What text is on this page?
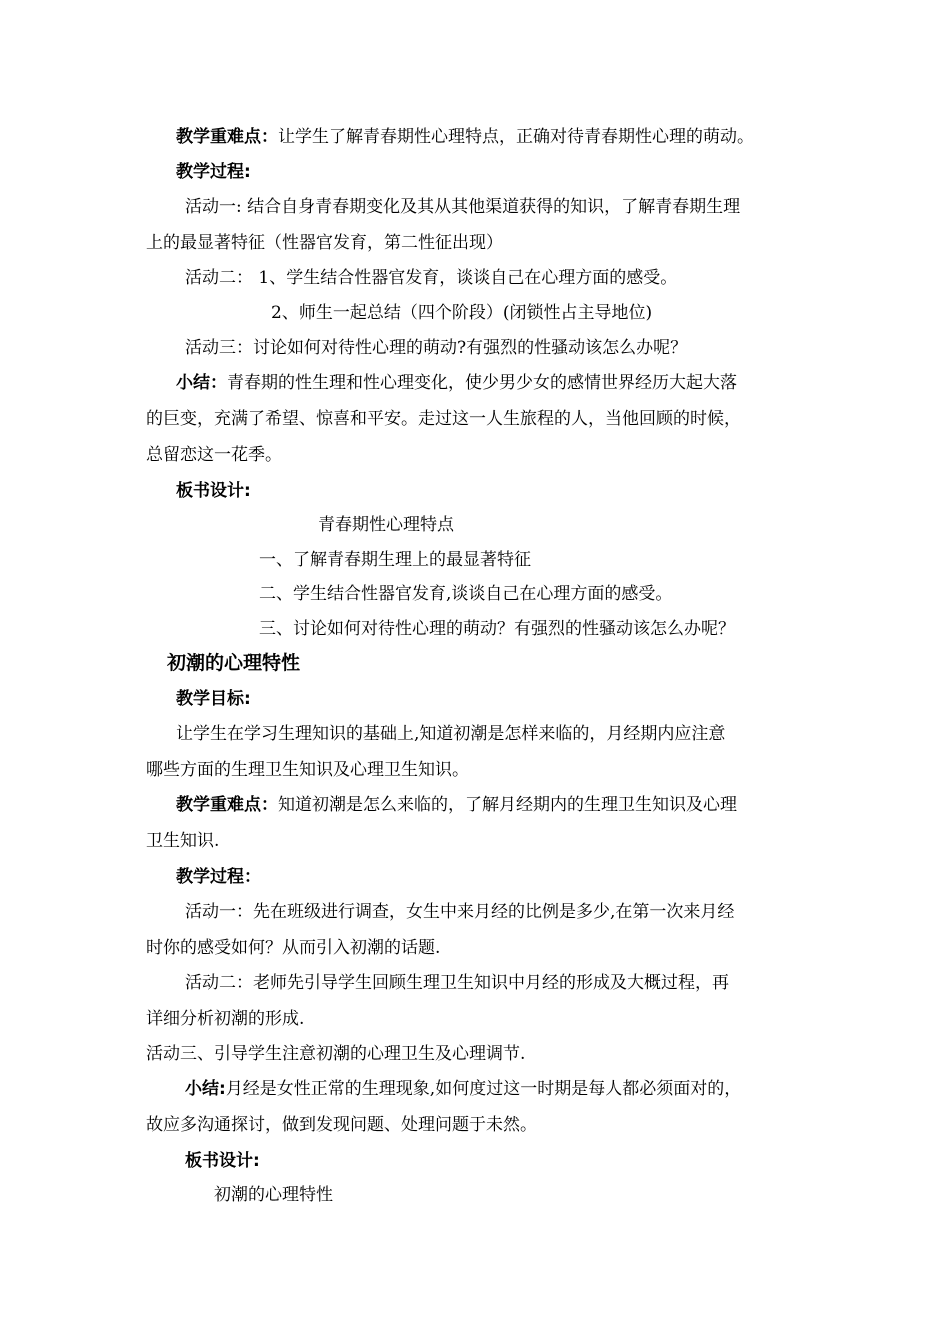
教学重难点：让学生了解青春期性心理特点，正确对待青春期性心理的萌动。
教学过程:
活动一: 结合自身青春期变化及其从其他渠道获得的知识，了解青春期生理
上的最显著特征（性器官发育，第二性征出现）
活动二： 1、学生结合性器官发育，谈谈自己在心理方面的感受。
2、师生一起总结（四个阶段）(闭锁性占主导地位)
活动三：讨论如何对待性心理的萌动?有强烈的性骚动该怎么办呢？
小结：青春期的性生理和性心理变化，使少男少女的感情世界经历大起大落
的巨变，充满了希望、惊喜和平安。走过这一人生旅程的人，当他回顾的时候，
总留恋这一花季。
板书设计:
青春期性心理特点
一、了解青春期生理上的最显著特征
二、学生结合性器官发育,谈谈自己在心理方面的感受。
三、讨论如何对待性心理的萌动？有强烈的性骚动该怎么办呢？
初潮的心理特性
教学目标:
让学生在学习生理知识的基础上,知道初潮是怎样来临的，月经期内应注意
哪些方面的生理卫生知识及心理卫生知识。
教学重难点：知道初潮是怎么来临的，了解月经期内的生理卫生知识及心理
卫生知识.
教学过程：
活动一：先在班级进行调查，女生中来月经的比例是多少,在第一次来月经
时你的感受如何？从而引入初潮的话题.
活动二：老师先引导学生回顾生理卫生知识中月经的形成及大概过程，再
详细分析初潮的形成.
活动三、引导学生注意初潮的心理卫生及心理调节.
小结:月经是女性正常的生理现象,如何度过这一时期是每人都必须面对的，
故应多沟通探讨，做到发现问题、处理问题于未然。
板书设计:
初潮的心理特性
